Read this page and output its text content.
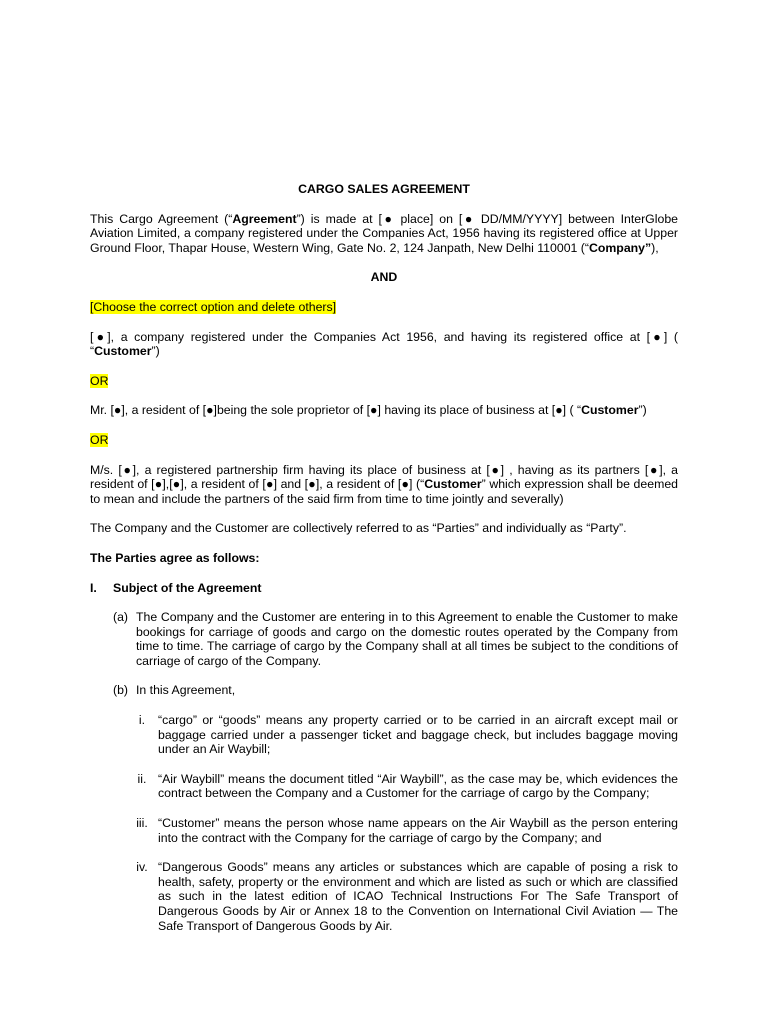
CARGO SALES AGREEMENT

This Cargo Agreement (“Agreement”) is made at [● place] on [● DD/MM/YYYY] between InterGlobe Aviation Limited, a company registered under the Companies Act, 1956 having its registered office at Upper Ground Floor, Thapar House, Western Wing, Gate No. 2, 124 Janpath, New Delhi 110001 (“Company”),

AND

[Choose the correct option and delete others]

[●], a company registered under the Companies Act 1956, and having its registered office at [●] ( “Customer”)

OR

Mr. [●], a resident of [●]being the sole proprietor of [●] having its place of business at [●] ( “Customer”)

OR

M/s. [●], a registered partnership firm having its place of business at [●] , having as its partners [●], a resident of [●],[●], a resident of [●] and [●], a resident of [●] (“Customer” which expression shall be deemed to mean and include the partners of the said firm from time to time jointly and severally)

The Company and the Customer are collectively referred to as “Parties” and individually as “Party”.

The Parties agree as follows:

I.	Subject of the Agreement
(a) The Company and the Customer are entering in to this Agreement to enable the Customer to make bookings for carriage of goods and cargo on the domestic routes operated by the Company from time to time. The carriage of cargo by the Company shall at all times be subject to the conditions of carriage of cargo of the Company.
(b) In this Agreement,
i.	“cargo” or “goods” means any property carried or to be carried in an aircraft except mail or baggage carried under a passenger ticket and baggage check, but includes baggage moving under an Air Waybill;
ii. “Air Waybill” means the document titled “Air Waybill”, as the case may be, which evidences the contract between the Company and a Customer for the carriage of cargo by the Company;
iii. “Customer” means the person whose name appears on the Air Waybill as the person entering into the contract with the Company for the carriage of cargo by the Company; and
iv. “Dangerous Goods” means any articles or substances which are capable of posing a risk to health, safety, property or the environment and which are listed as such or which are classified as such in the latest edition of ICAO Technical Instructions For The Safe Transport of Dangerous Goods by Air or Annex 18 to the Convention on International Civil Aviation — The Safe Transport of Dangerous Goods by Air.
